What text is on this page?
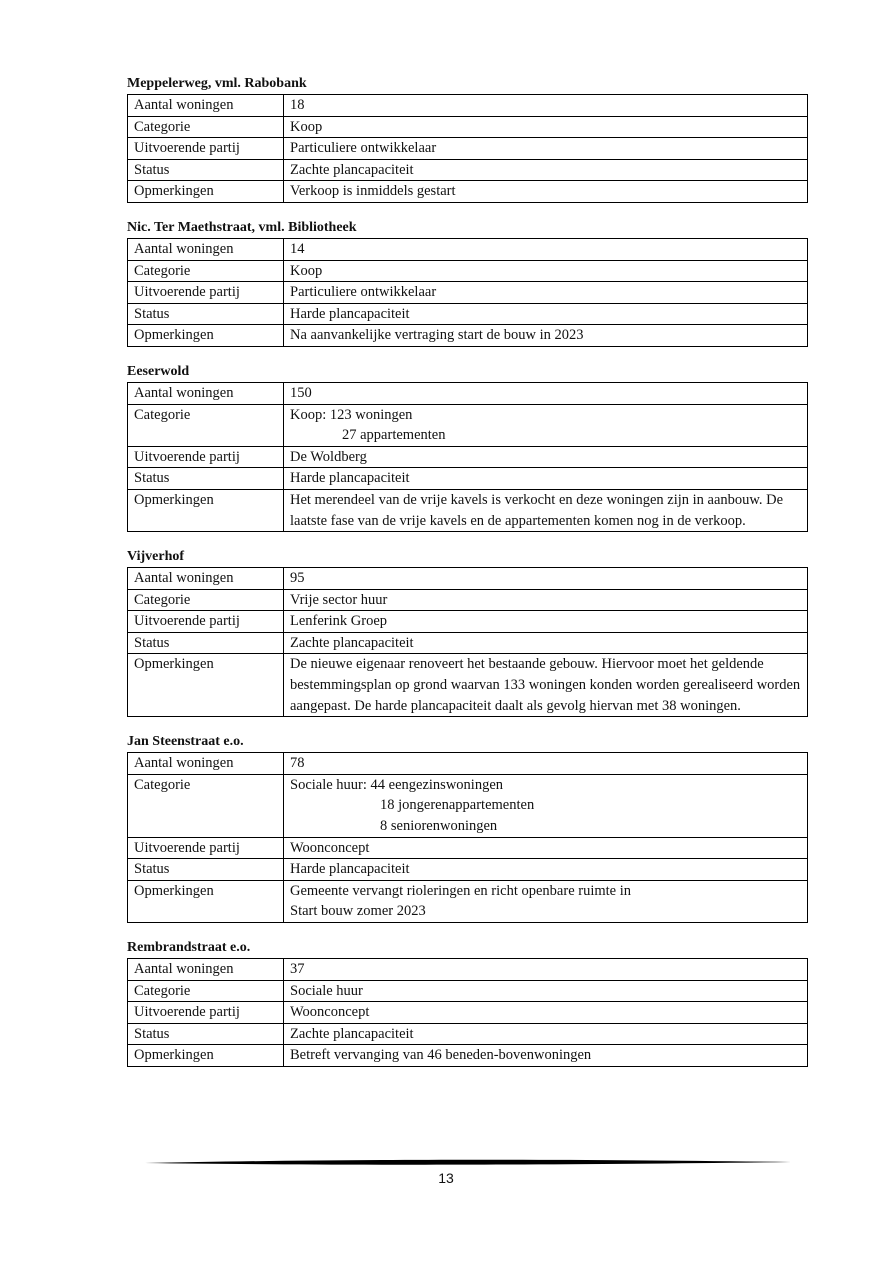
Meppelerweg, vml. Rabobank
Aantal woningen	18

Categorie	Koop

Uitvoerende partij	Particuliere ontwikkelaar

Status	Zachte plancapaciteit

Opmerkingen	Verkoop is inmiddels gestart
Nic. Ter Maethstraat, vml. Bibliotheek
Aantal woningen	14

Categorie	Koop

Uitvoerende partij	Particuliere ontwikkelaar

Status	Harde plancapaciteit

Opmerkingen	Na aanvankelijke vertraging start de bouw in 2023
Eeserwold
Aantal woningen	150

Categorie	Koop: 123 woningen
27 appartementen

Uitvoerende partij	De Woldberg

Status	Harde plancapaciteit

Opmerkingen	Het merendeel van de vrije kavels is verkocht en deze woningen zijn in aanbouw. De laatste fase van de vrije kavels en de appartementen komen nog in de verkoop.
Vijverhof
Aantal woningen	95

Categorie	Vrije sector huur

Uitvoerende partij	Lenferink Groep

Status	Zachte plancapaciteit

Opmerkingen	De nieuwe eigenaar renoveert het bestaande gebouw. Hiervoor moet het geldende bestemmingsplan op grond waarvan 133 woningen konden worden gerealiseerd worden aangepast. De harde plancapaciteit daalt als gevolg hiervan met 38 woningen.
Jan Steenstraat e.o.
Aantal woningen	78

Categorie	Sociale huur: 44 eengezinswoningen
18 jongerenappartementen
8 seniorenwoningen

Uitvoerende partij	Woonconcept

Status	Harde plancapaciteit

Opmerkingen	Gemeente vervangt rioleringen en richt openbare ruimte in
Start bouw zomer 2023
Rembrandstraat e.o.
Aantal woningen	37

Categorie	Sociale huur

Uitvoerende partij	Woonconcept

Status	Zachte plancapaciteit

Opmerkingen	Betreft vervanging van 46 beneden-bovenwoningen
13
